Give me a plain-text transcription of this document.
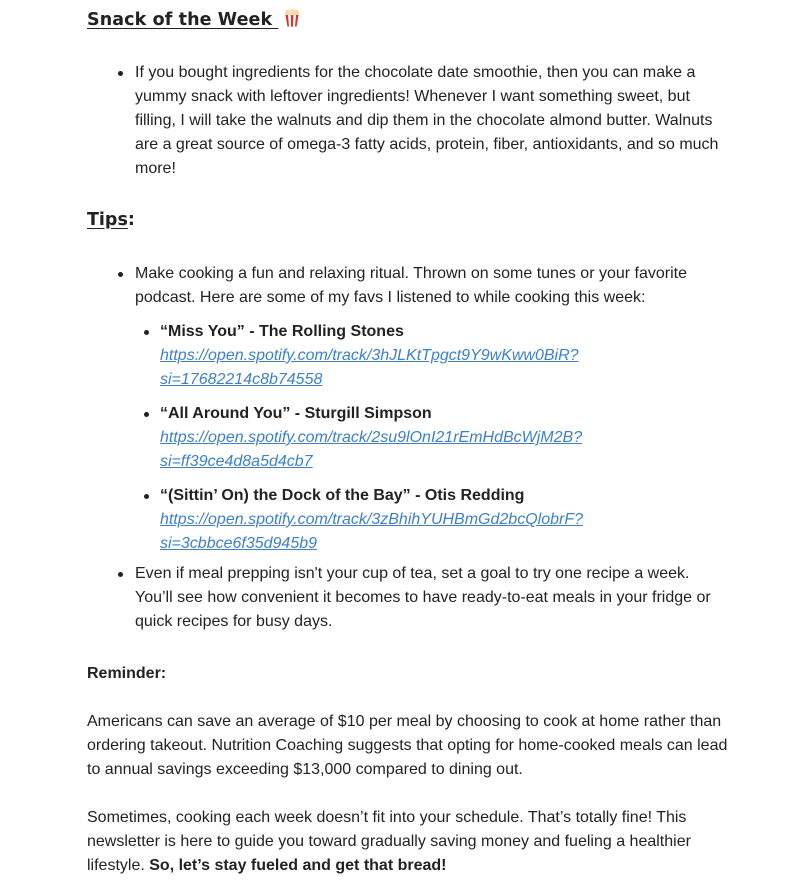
Snack of the Week
If you bought ingredients for the chocolate date smoothie, then you can make a yummy snack with leftover ingredients! Whenever I want something sweet, but filling, I will take the walnuts and dip them in the chocolate almond butter. Walnuts are a great source of omega-3 fatty acids, protein, fiber, antioxidants, and so much more!
Tips:
Make cooking a fun and relaxing ritual. Thrown on some tunes or your favorite podcast. Here are some of my favs I listened to while cooking this week:
“Miss You” - The Rolling Stones
https://open.spotify.com/track/3hJLKtTpgct9Y9wKww0BiR?
si=17682214c8b74558
“All Around You” - Sturgill Simpson
https://open.spotify.com/track/2su9lOnI21rEmHdBcWjM2B?
si=ff39ce4d8a5d4cb7
“(Sittin’ On) the Dock of the Bay” - Otis Redding
https://open.spotify.com/track/3zBhihYUHBmGd2bcQlobrF?
si=3cbbce6f35d945b9
Even if meal prepping isn't your cup of tea, set a goal to try one recipe a week. You’ll see how convenient it becomes to have ready-to-eat meals in your fridge or quick recipes for busy days.

Reminder:

Americans can save an average of $10 per meal by choosing to cook at home rather than ordering takeout. Nutrition Coaching suggests that opting for home-cooked meals can lead to annual savings exceeding $13,000 compared to dining out.

Sometimes, cooking each week doesn’t fit into your schedule. That’s totally fine! This newsletter is here to guide you toward gradually saving money and fueling a healthier lifestyle. So, let’s stay fueled and get that bread!
